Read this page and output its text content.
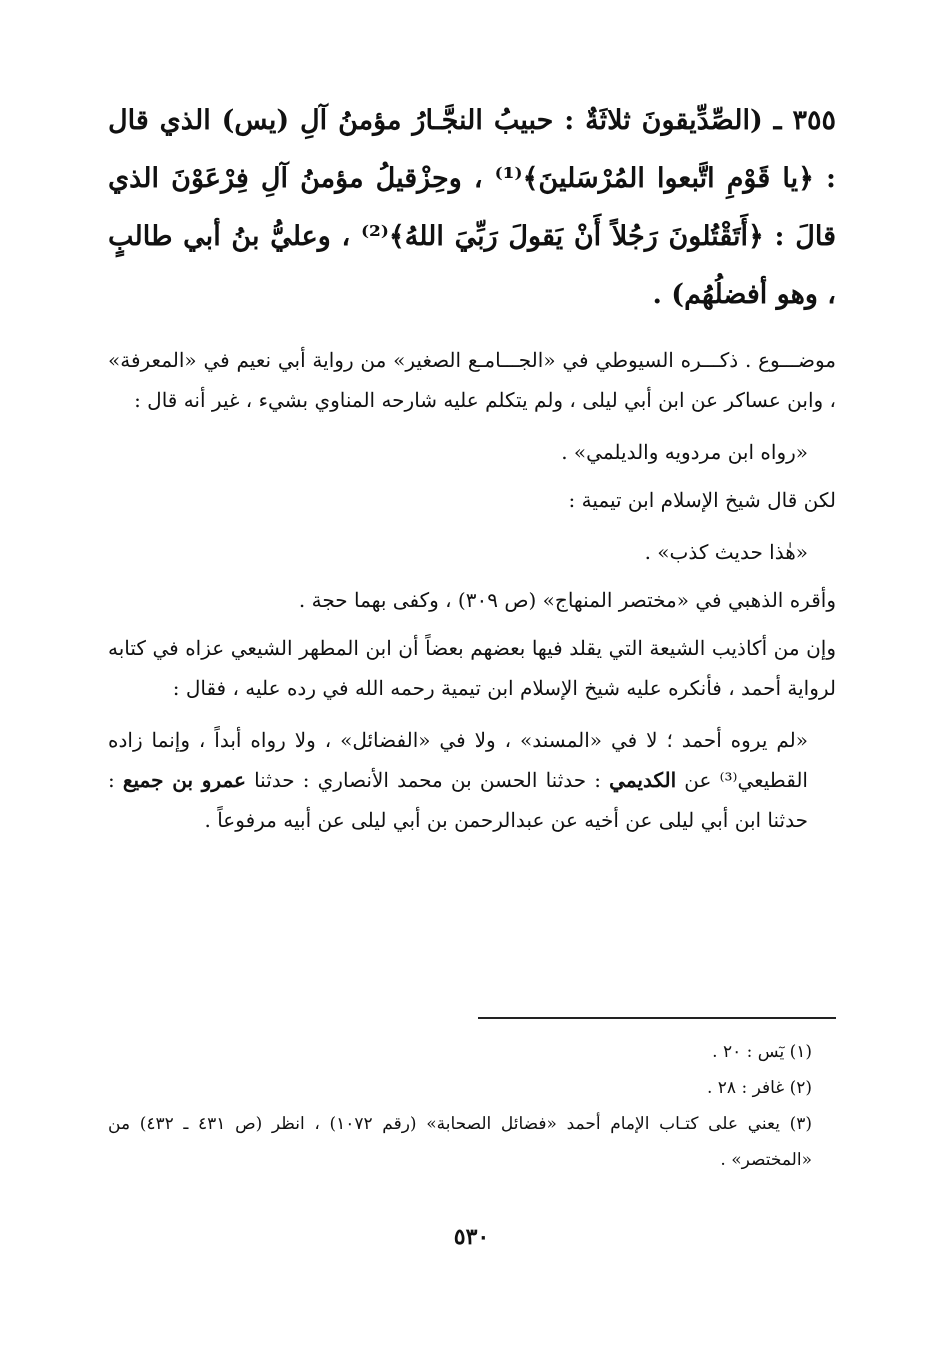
٣٥٥ ـ (الصِّدِّيقونَ ثلاثَةٌ : حبيبُ النجَّـارُ مؤمنُ آلِ (يس) الذي قال : ﴿يا قَوْمِ اتَّبعوا المُرْسَلينَ﴾⁽¹⁾ ، وحِزْقيلُ مؤمنُ آلِ فِرْعَوْنَ الذي قالَ : ﴿أَتَقْتُلونَ رَجُلاً أَنْ يَقولَ رَبِّيَ اللهُ﴾⁽²⁾ ، وعليُّ بنُ أبي طالبٍ ، وهو أفضلُهُم) .

موضـــوع . ذكـــره السيوطي في «الجـــامـع الصغير» من رواية أبي نعيم في «المعرفة» ، وابن عساكر عن ابن أبي ليلى ، ولم يتكلم عليه شارحه المناوي بشيء ، غير أنه قال :

«رواه ابن مردويه والديلمي» .

لكن قال شيخ الإسلام ابن تيمية :

«هٰذا حديث كذب» .

وأقره الذهبي في «مختصر المنهاج» (ص ٣٠٩) ، وكفى بهما حجة .

وإن من أكاذيب الشيعة التي يقلد فيها بعضهم بعضاً أن ابن المطهر الشيعي عزاه في كتابه لرواية أحمد ، فأنكره عليه شيخ الإسلام ابن تيمية رحمه الله في رده عليه ، فقال :

«لم يروه أحمد ؛ لا في «المسند» ، ولا في «الفضائل» ، ولا رواه أبداً ، وإنما زاده القطيعي⁽³⁾ عن الكديمي : حدثنا الحسن بن محمد الأنصاري : حدثنا عمرو بن جميع : حدثنا ابن أبي ليلى عن أخيه عن عبدالرحمن بن أبي ليلى عن أبيه مرفوعاً .

(١) يٓس : ٢٠ .

(٢) غافر : ٢٨ .

(٣) يعني على كتـاب الإمام أحمد «فضائل الصحابة» (رقم ١٠٧٢) ، انظر (ص ٤٣١ ـ ٤٣٢) من «المختصر» .

٥٣٠
